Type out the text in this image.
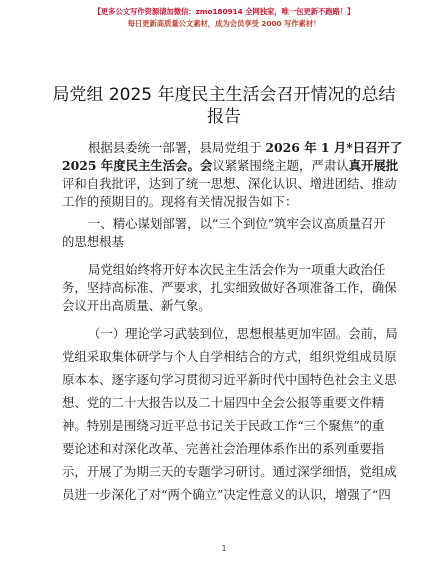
【更多公文写作资源请加微信：zmo180914 全网独家，唯一包更新不跑路！】
每日更新高质量公文素材，成为会员享受 2000 写作素材！
局党组 2025 年度民主生活会召开情况的总结报告
根据县委统一部署，县局党组于 2026 年 1 月*日召开了
2025 年度民主生活会。会议紧紧围绕主题，严肃认真开展批
评和自我批评，达到了统一思想、深化认识、增进团结、推动
工作的预期目的。现将有关情况报告如下：
一、精心谋划部署，以“三个到位”筑牢会议高质量召开
的思想根基
局党组始终将开好本次民主生活会作为一项重大政治任
务，坚持高标准、严要求，扎实细致做好各项准备工作，确保
会议开出高质量、新气象。
（一）理论学习武装到位，思想根基更加牢固。会前，局
党组采取集体研学与个人自学相结合的方式，组织党组成员原
原本本、逐字逐句学习贯彻习近平新时代中国特色社会主义思
想、党的二十大报告以及二十届四中全会公报等重要文件精
神。特别是围绕习近平总书记关于民政工作“三个聚焦”的重
要论述和对深化改革、完善社会治理体系作出的系列重要指
示，开展了为期三天的专题学习研讨。通过深学细悟，党组成
员进一步深化了对“两个确立”决定性意义的认识，增强了“四
1
